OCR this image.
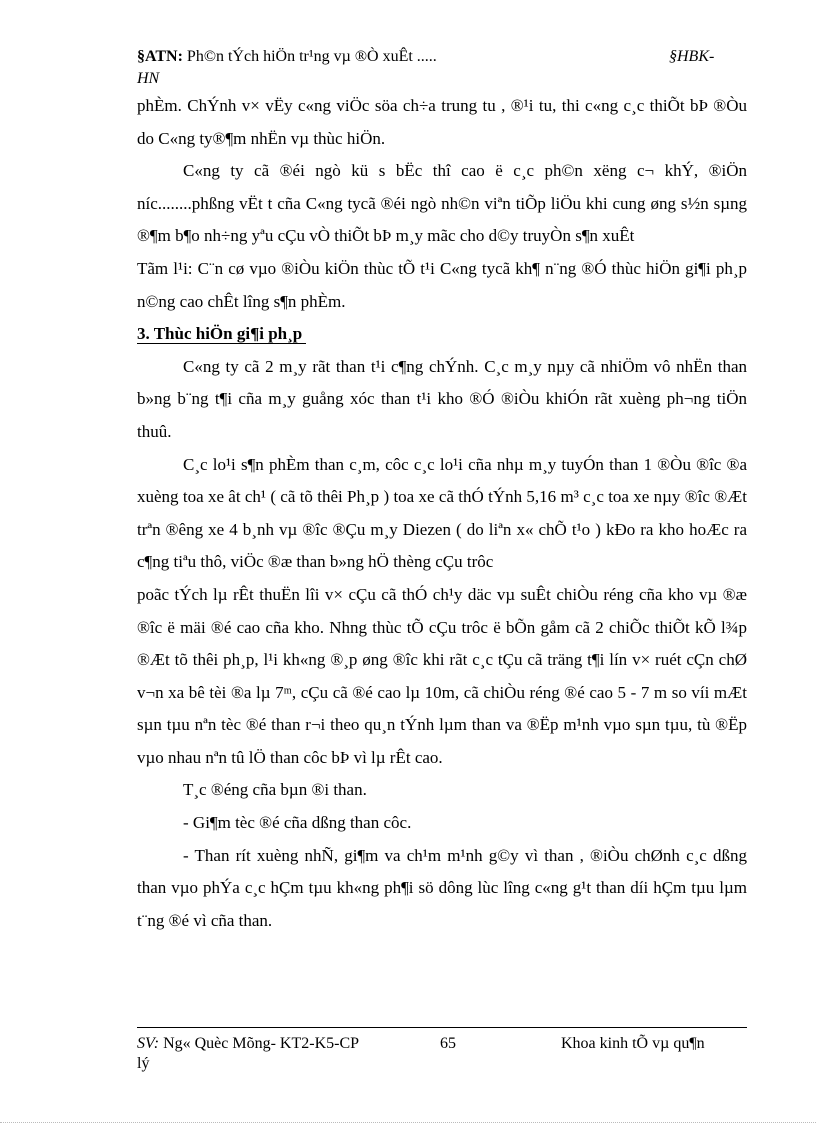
§ATN: Ph©n tÝch hiÖn tr¹ng vµ ®Ò xuÊt .....	§HBK-
HN

phÈm. ChÝnh v× vËy c«ng viÖc söa ch÷a trung tu , ®¹i tu, thi c«ng c¸c thiÕt bÞ ®Òu do C«ng ty®¶m nhËn vµ thùc hiÖn.

C«ng ty cã ®éi ngò kü s bËc thî cao ë c¸c ph©n xëng c¬ khÝ, ®iÖn níc........phßng vËt t cña C«ng tycã ®éi ngò nh©n viªn tiÕp liÖu khi cung øng s½n sµng ®¶m b¶o nh÷ng yªu cÇu vÒ thiÕt bÞ m¸y mãc cho d©y truyÒn s¶n xuÊt

Tãm l¹i: C¨n cø vµo ®iÒu kiÖn thùc tÕ t¹i C«ng tycã kh¶ n¨ng ®Ó thùc hiÖn gi¶i ph¸p n©ng cao chÊt lîng s¶n phÈm.

3. Thùc hiÖn gi¶i ph¸p

C«ng ty cã 2 m¸y rãt than t¹i c¶ng chÝnh. C¸c m¸y nµy cã nhiÖm vô nhËn than b»ng b¨ng t¶i cña m¸y guång xóc than t¹i kho ®Ó ®iÒu khiÓn rãt xuèng ph¬ng tiÖn thuû.

C¸c lo¹i s¶n phÈm than c¸m, côc c¸c lo¹i cña nhµ m¸y tuyÓn than 1 ®Òu ®îc ®a xuèng toa xe ât ch¹ ( cã tõ thêi Ph¸p ) toa xe cã thÓ tÝnh 5,16 m³ c¸c toa xe nµy ®îc ®Æt trªn ®êng xe 4 b¸nh vµ ®îc ®Çu m¸y Diezen ( do liªn x« chÕ t¹o ) kÐo ra kho hoÆc ra c¶ng tiªu thô, viÖc ®æ than b»ng hÖ thèng cÇu trôc

poãc tÝch lµ rÊt thuËn lîi v× cÇu cã thÓ ch¹y däc vµ suÊt chiÒu réng cña kho vµ ®æ ®îc ë mäi ®é cao cña kho. Nhng thùc tÕ cÇu trôc ë bÕn gåm cã 2 chiÕc thiÕt kÕ l¾p ®Æt tõ thêi ph¸p, l¹i kh«ng ®¸p øng ®îc khi rãt c¸c tÇu cã träng t¶i lín v× ruét cÇn chØ v¬n xa bê tèi ®a lµ 7ᵐ, cÇu cã ®é cao lµ 10m, cã chiÒu réng ®é cao 5 - 7 m so víi mÆt sµn tµu nªn tèc ®é than r¬i theo qu¸n tÝnh lµm than va ®Ëp m¹nh vµo sµn tµu, tù ®Ëp vµo nhau nªn tû lÖ than côc bÞ vì lµ rÊt cao.

T¸c ®éng cña bµn ®i than.

- Gi¶m tèc ®é cña dßng than côc.

- Than rít xuèng nhÑ, gi¶m va ch¹m m¹nh g©y vì than , ®iÒu chØnh c¸c dßng than vµo phÝa c¸c hÇm tµu kh«ng ph¶i sö dông lùc lîng c«ng g¹t than díi hÇm tµu lµm t¨ng ®é vì cña than.

SV: Ng« Quèc Mõng- KT2-K5-CP
lý
65	Khoa kinh tÕ vµ qu¶n
